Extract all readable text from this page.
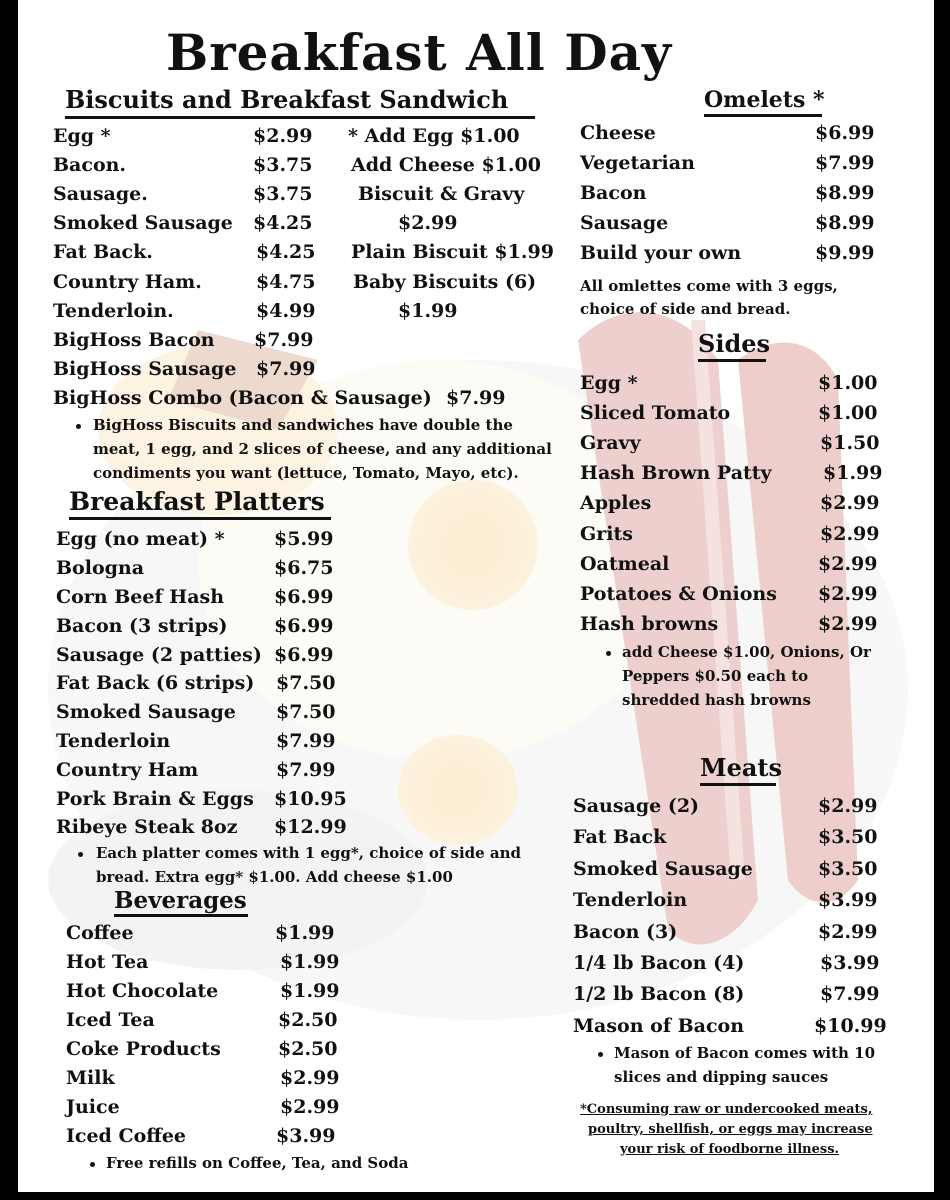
Breakfast All Day
Biscuits and Breakfast Sandwich
Egg *	$2.99
Bacon.	$3.75
Sausage.	$3.75
Smoked Sausage $4.25
Fat Back.	$4.25
Country Ham.	$4.75
Tenderloin.	$4.99
BigHoss Bacon $7.99
BigHoss Sausage $7.99
BigHoss Combo (Bacon & Sausage) $7.99
* Add Egg $1.00
Add Cheese $1.00
Biscuit & Gravy
$2.99
Plain Biscuit $1.99
Baby Biscuits (6)
$1.99
BigHoss Biscuits and sandwiches have double the
meat, 1 egg, and 2 slices of cheese, and any additional
condiments you want (lettuce, Tomato, Mayo, etc).
Breakfast Platters
Egg (no meat) *	$5.99
Bologna	$6.75
Corn Beef Hash	$6.99
Bacon (3 strips) $6.99
Sausage (2 patties) $6.99
Fat Back (6 strips) $7.50
Smoked Sausage $7.50
Tenderloin	$7.99
Country Ham	$7.99
Pork Brain & Eggs $10.95
Ribeye Steak 8oz $12.99
Each platter comes with 1 egg*, choice of side and
bread. Extra egg* $1.00. Add cheese $1.00
Beverages
Coffee	$1.99
Hot Tea	$1.99
Hot Chocolate	$1.99
Iced Tea	$2.50
Coke Products	$2.50
Milk	$2.99
Juice	$2.99
Iced Coffee	$3.99
Free refills on Coffee, Tea, and Soda
Omelets *
Cheese	$6.99
Vegetarian	$7.99
Bacon	$8.99
Sausage	$8.99
Build your own	$9.99
All omlettes come with 3 eggs,
choice of side and bread.
Sides
Egg *	$1.00
Sliced Tomato	$1.00
Gravy	$1.50
Hash Brown Patty	$1.99
Apples	$2.99
Grits	$2.99
Oatmeal	$2.99
Potatoes & Onions $2.99
Hash browns	$2.99
add Cheese $1.00, Onions, Or
Peppers $0.50 each to
shredded hash browns
Meats
Sausage (2)	$2.99
Fat Back	$3.50
Smoked Sausage	$3.50
Tenderloin	$3.99
Bacon (3)	$2.99
1/4 lb Bacon (4)	$3.99
1/2 lb Bacon (8)	$7.99
Mason of Bacon	$10.99
Mason of Bacon comes with 10
slices and dipping sauces
*Consuming raw or undercooked meats,
poultry, shellfish, or eggs may increase
your risk of foodborne illness.
